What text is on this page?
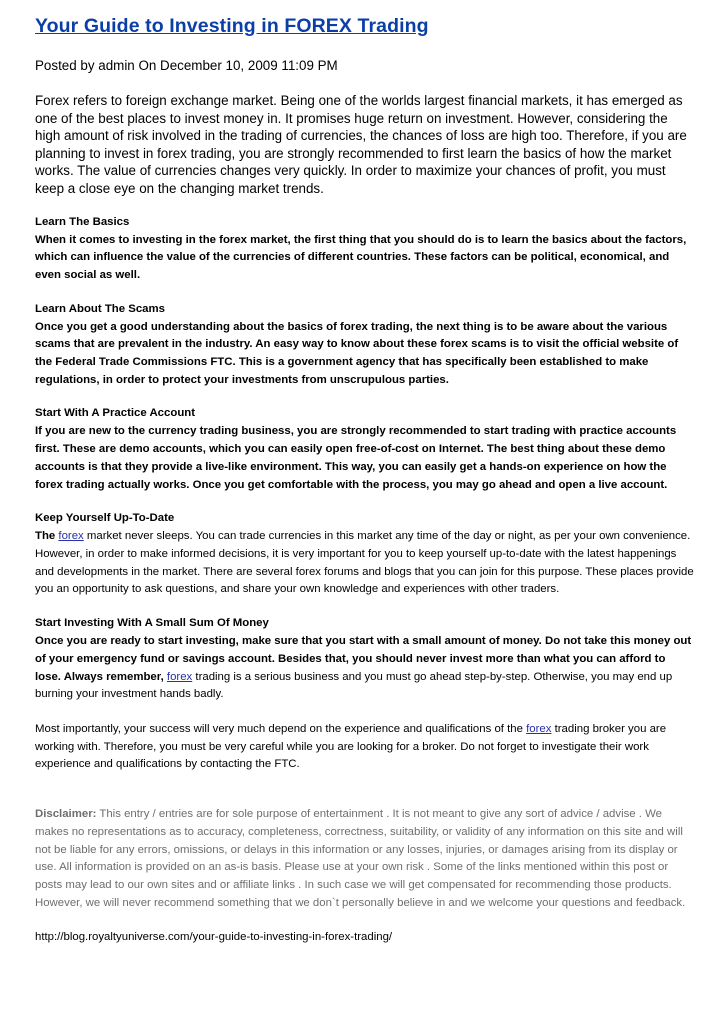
Your Guide to Investing in FOREX Trading

Posted by admin On December 10, 2009 11:09 PM

Forex refers to foreign exchange market. Being one of the worlds largest financial markets, it has emerged as one of the best places to invest money in. It promises huge return on investment. However, considering the high amount of risk involved in the trading of currencies, the chances of loss are high too. Therefore, if you are planning to invest in forex trading, you are strongly recommended to first learn the basics of how the market works. The value of currencies changes very quickly. In order to maximize your chances of profit, you must keep a close eye on the changing market trends.

Learn The Basics

When it comes to investing in the forex market, the first thing that you should do is to learn the basics about the factors, which can influence the value of the currencies of different countries. These factors can be political, economical, and even social as well.

Learn About The Scams

Once you get a good understanding about the basics of forex trading, the next thing is to be aware about the various scams that are prevalent in the industry. An easy way to know about these forex scams is to visit the official website of the Federal Trade Commissions FTC. This is a government agency that has specifically been established to make regulations, in order to protect your investments from unscrupulous parties.

Start With A Practice Account

If you are new to the currency trading business, you are strongly recommended to start trading with practice accounts first. These are demo accounts, which you can easily open free-of-cost on Internet. The best thing about these demo accounts is that they provide a live-like environment. This way, you can easily get a hands-on experience on how the forex trading actually works. Once you get comfortable with the process, you may go ahead and open a live account.

Keep Yourself Up-To-Date

The forex market never sleeps. You can trade currencies in this market any time of the day or night, as per your own convenience. However, in order to make informed decisions, it is very important for you to keep yourself up-to-date with the latest happenings and developments in the market. There are several forex forums and blogs that you can join for this purpose. These places provide you an opportunity to ask questions, and share your own knowledge and experiences with other traders.

Start Investing With A Small Sum Of Money

Once you are ready to start investing, make sure that you start with a small amount of money. Do not take this money out of your emergency fund or savings account. Besides that, you should never invest more than what you can afford to lose. Always remember, forex trading is a serious business and you must go ahead step-by-step. Otherwise, you may end up burning your investment hands badly.

Most importantly, your success will very much depend on the experience and qualifications of the forex trading broker you are working with. Therefore, you must be very careful while you are looking for a broker. Do not forget to investigate their work experience and qualifications by contacting the FTC.

Disclaimer: This entry / entries are for sole purpose of entertainment . It is not meant to give any sort of advice / advise . We makes no representations as to accuracy, completeness, correctness, suitability, or validity of any information on this site and will not be liable for any errors, omissions, or delays in this information or any losses, injuries, or damages arising from its display or use. All information is provided on an as-is basis. Please use at your own risk . Some of the links mentioned within this post or posts may lead to our own sites and or affiliate links . In such case we will get compensated for recommending those products. However, we will never recommend something that we don`t personally believe in and we welcome your questions and feedback.

http://blog.royaltyuniverse.com/your-guide-to-investing-in-forex-trading/
